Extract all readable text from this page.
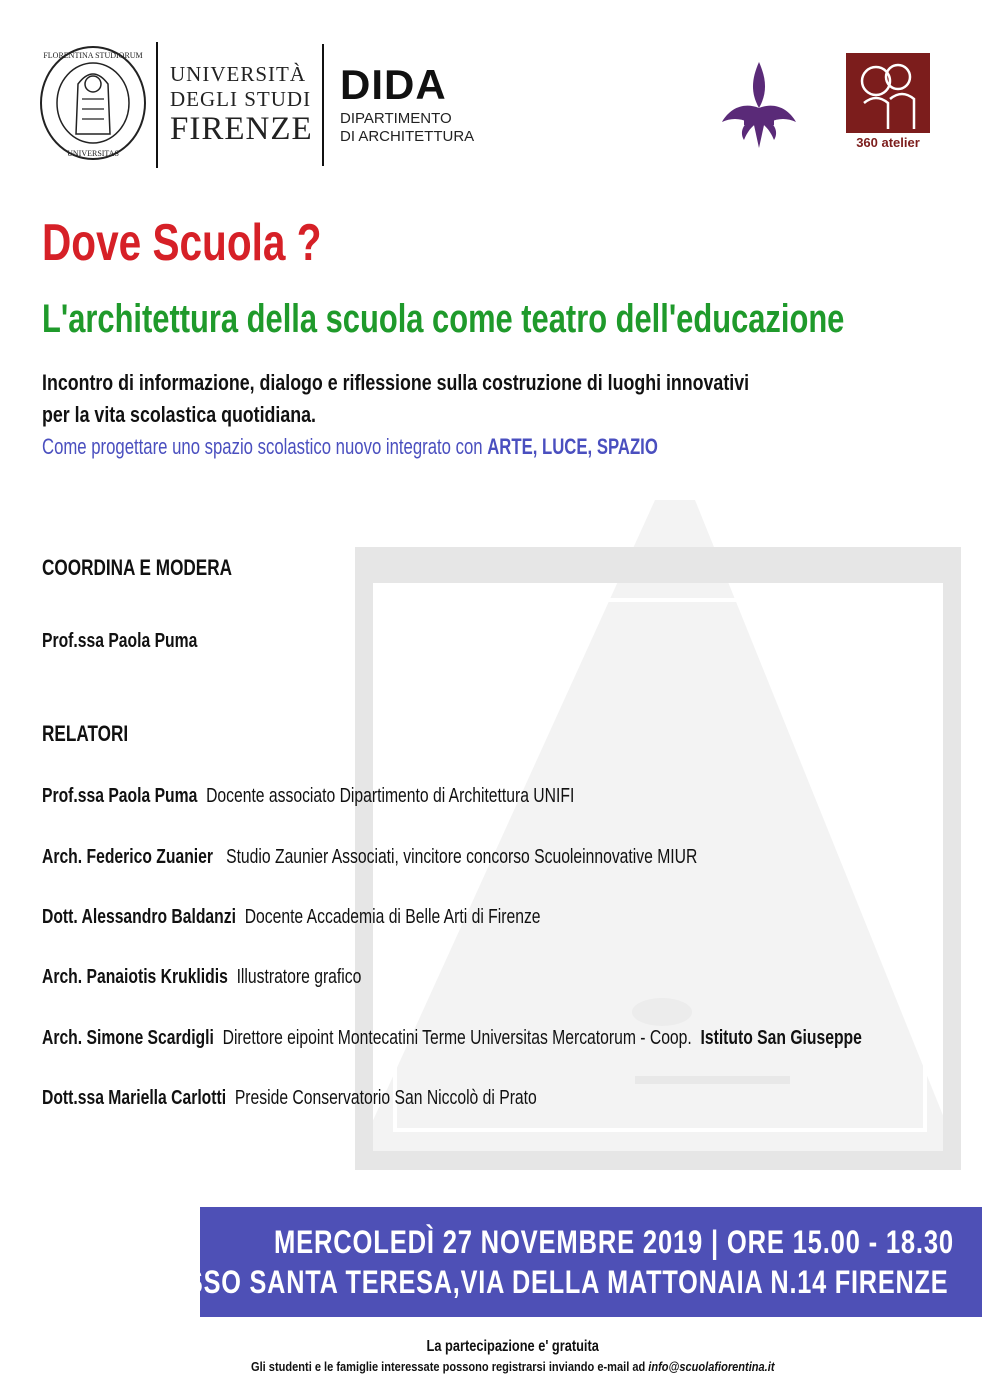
FLORENTINA STUDIORUM
UNIVERSITAS
UNIVERSITÀ
DEGLI STUDI
FIRENZE
DIDA
DIPARTIMENTO
DI ARCHITETTURA	360 atelier
Dove Scuola ?
L'architettura della scuola come teatro dell'educazione
Incontro di informazione, dialogo e riflessione sulla costruzione di luoghi innovativi
per la vita scolastica quotidiana.
Come progettare uno spazio scolastico nuovo integrato con ARTE, LUCE, SPAZIO
COORDINA E MODERA
Prof.ssa Paola Puma
RELATORI
Prof.ssa Paola Puma Docente associato Dipartimento di Architettura UNIFI
Arch. Federico Zuanier Studio Zaunier Associati, vincitore concorso Scuoleinnovative MIUR
Dott. Alessandro Baldanzi Docente Accademia di Belle Arti di Firenze
Arch. Panaiotis Kruklidis Illustratore grafico
Arch. Simone Scardigli Direttore eipoint Montecatini Terme Universitas Mercatorum - Coop.  Istituto San Giuseppe
Dott.ssa Mariella Carlotti Preside Conservatorio San Niccolò di Prato
MERCOLEDÌ 27 NOVEMBRE 2019 | ORE 15.00 - 18.30
PLESSO SANTA TERESA,VIA DELLA MATTONAIA N.14 FIRENZE
La partecipazione e' gratuita
Gli studenti e le famiglie interessate possono registrarsi inviando e-mail ad info@scuolafiorentina.it
